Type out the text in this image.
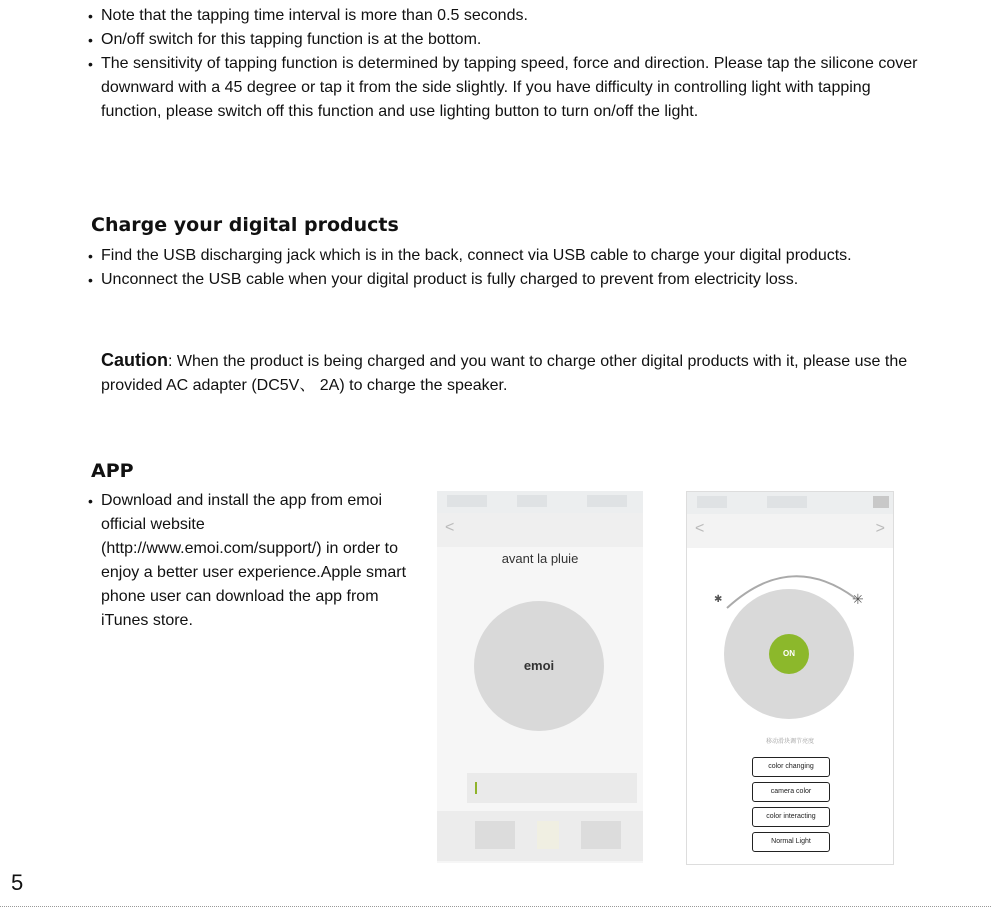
• Note that the tapping time interval is more than 0.5 seconds.
• On/off switch for this tapping function is at the bottom.
• The sensitivity of tapping function is determined by tapping speed, force and direction. Please tap the silicone cover downward with a 45 degree or tap it from the side slightly. If you have difficulty in controlling light with tapping function, please switch off this function and use lighting button to turn on/off the light.
Charge your digital products
• Find the USB discharging jack which is in the back, connect via USB cable to charge your digital products.
• Unconnect the USB cable when your digital product is fully charged to prevent from electricity loss.
Caution: When the product is being charged and you want to charge other digital products with it, please use the provided AC adapter (DC5V、 2A) to charge the speaker.
APP
• Download and install the app from emoi official website (http://www.emoi.com/support/) in order to enjoy a better user experience.Apple smart phone user can download the app from iTunes store.
<
avant la pluie
emoi
<	>
✱	✳
ON
移动滑块调节亮度
color changing
camera color
color interacting
Normal Light
5
